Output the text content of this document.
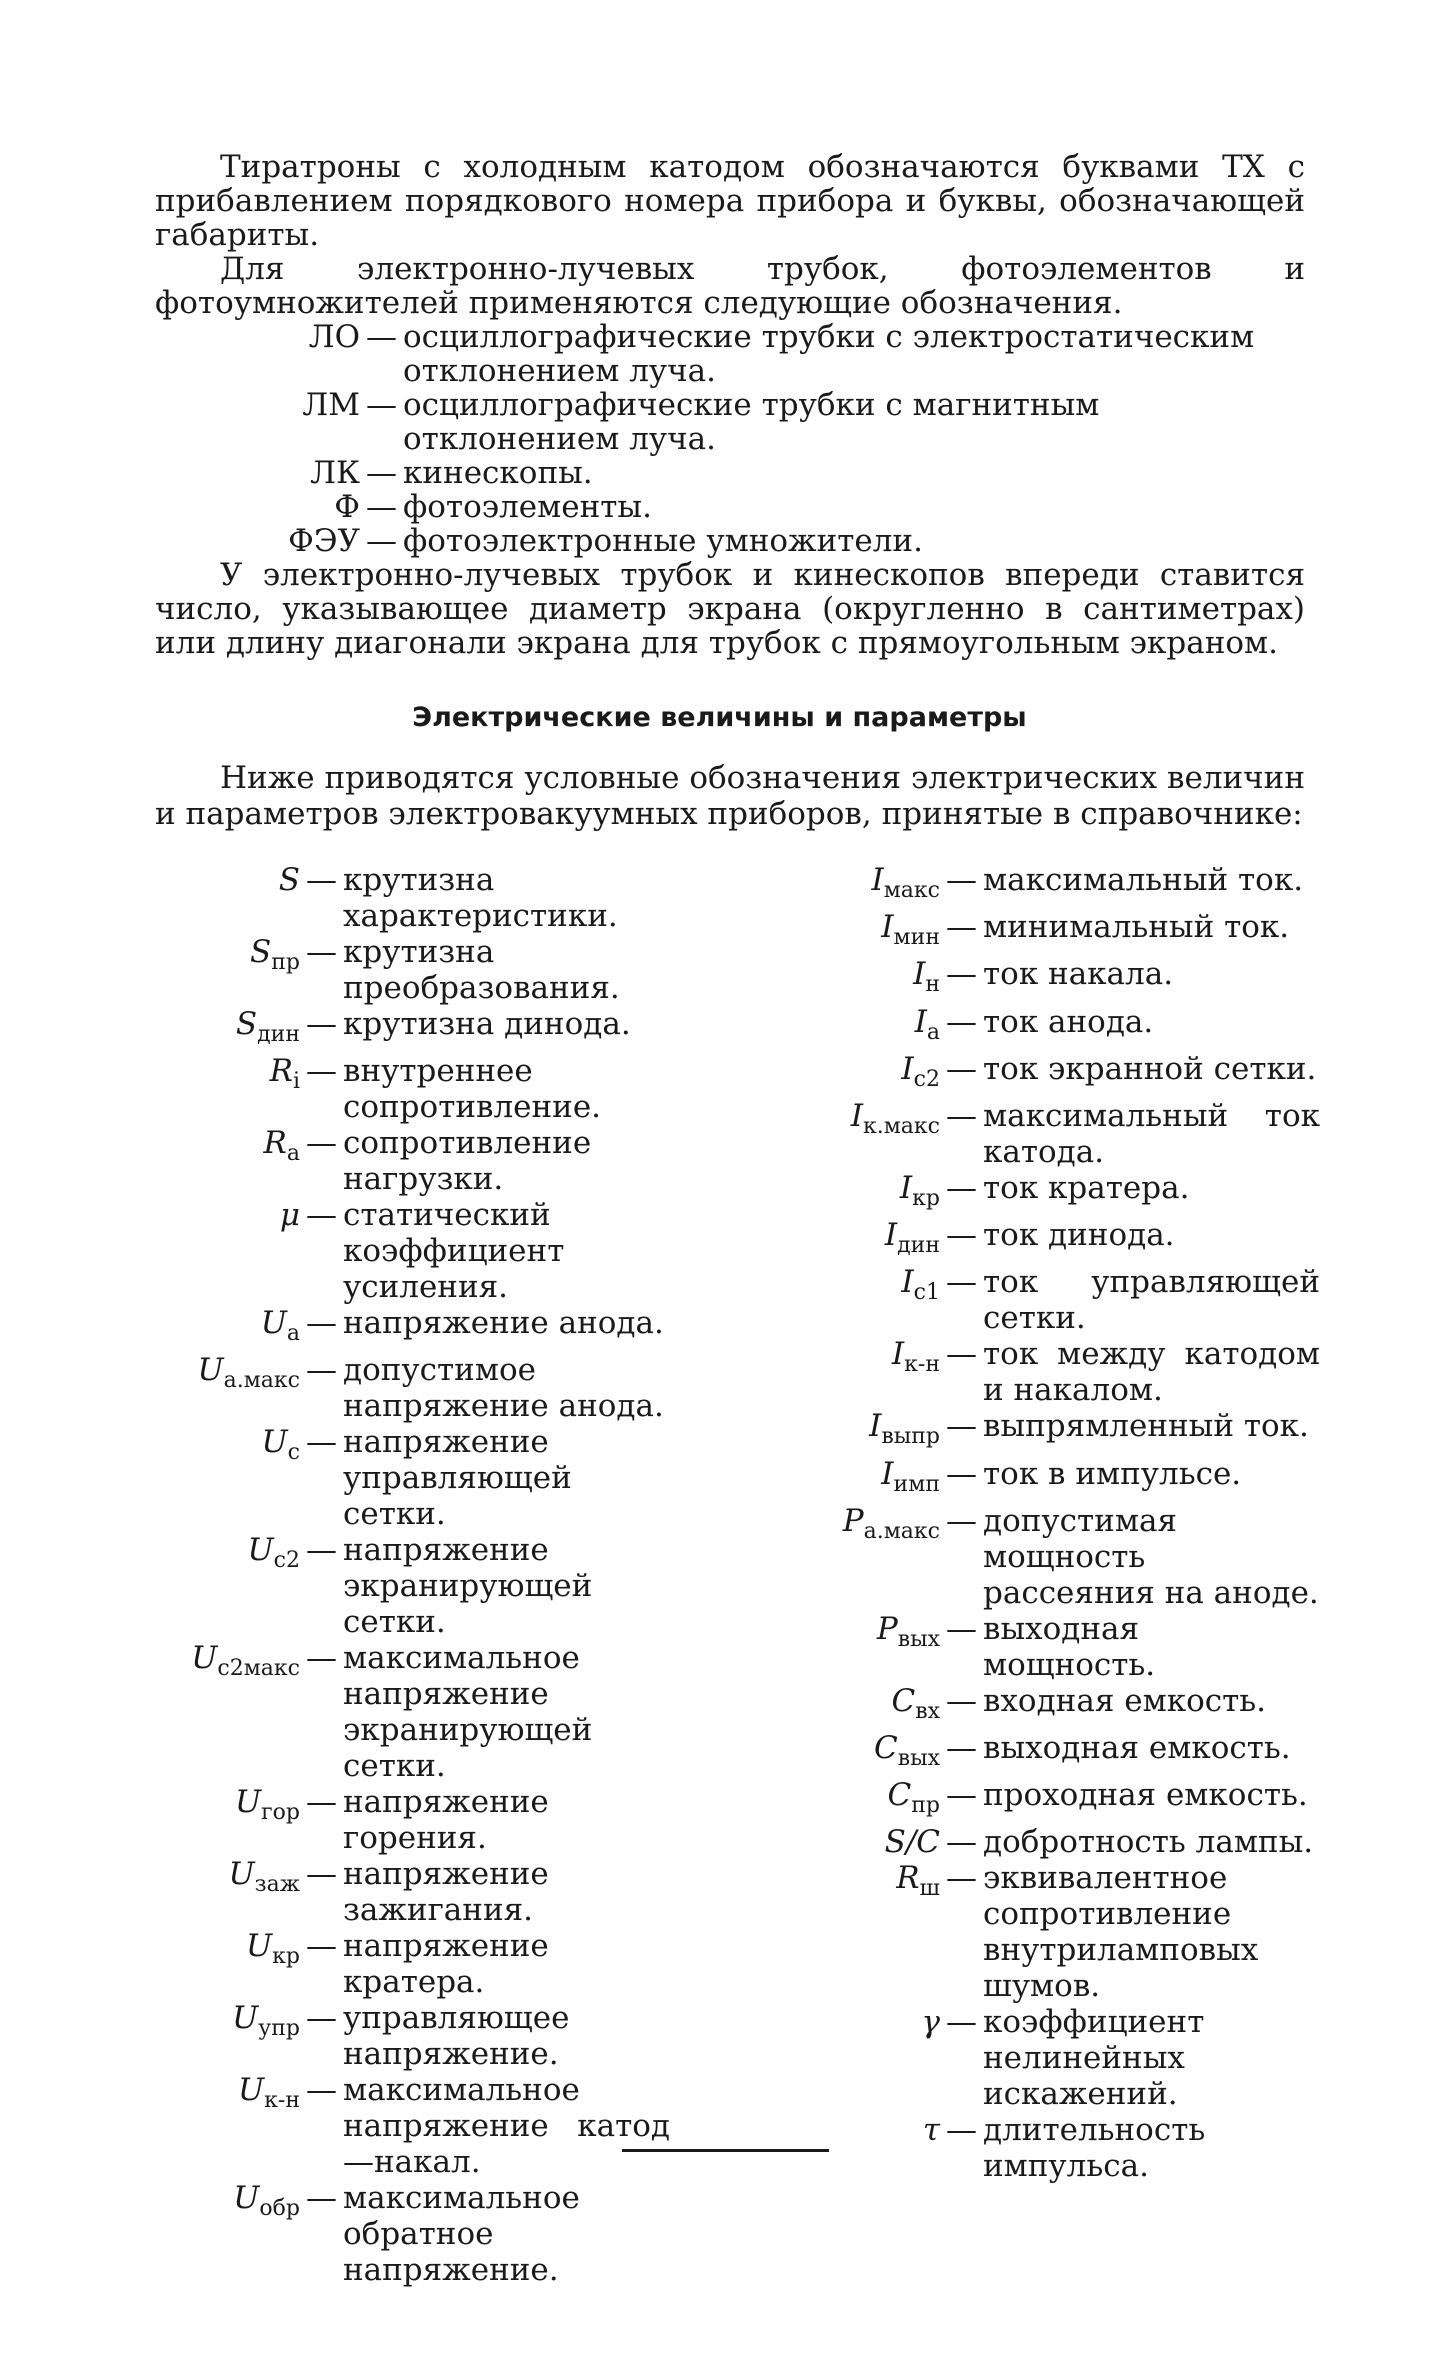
Тиратроны с холодным катодом обозначаются буквами ТХ с прибавлением порядкового номера прибора и буквы, обозначающей габариты.

Для электронно-лучевых трубок, фотоэлементов и фотоумножителей применяются следующие обозначения.

ЛО — осциллографические трубки с электростатическим отклонением луча.
ЛМ — осциллографические трубки с магнитным отклонением луча.
ЛК — кинескопы.
Ф — фотоэлементы.
ФЭУ — фотоэлектронные умножители.

У электронно-лучевых трубок и кинескопов впереди ставится число, указывающее диаметр экрана (округленно в сантиметрах) или длину диагонали экрана для трубок с прямоугольным экраном.

Электрические величины и параметры

Ниже приводятся условные обозначения электрических величин и параметров электровакуумных приборов, принятые в справочнике:

S — крутизна характеристики.
$S_{пр}$ — крутизна преобразования.
$S_{дин}$ — крутизна динода.
$R_i$ — внутреннее сопротивление.
$R_а$ — сопротивление нагрузки.
μ — статический коэффициент усиления.
$U_а$ — напряжение анода.
$U_{а.макс}$ — допустимое напряжение анода.
$U_с$ — напряжение управляющей сетки.
$U_{с2}$ — напряжение экранирующей сетки.
$U_{с2макс}$ — максимальное напряжение экранирующей сетки.
$U_{гор}$ — напряжение горения.
$U_{заж}$ — напряжение зажигания.
$U_{кр}$ — напряжение кратера.
$U_{упр}$ — управляющее напряжение.
$U_{к-н}$ — максимальное напряжение катод—накал.
$U_{обр}$ — максимальное обратное напряжение.
$I_{макс}$ — максимальный ток.
$I_{мин}$ — минимальный ток.
$I_н$ — ток накала.
$I_а$ — ток анода.
$I_{с2}$ — ток экранной сетки.
$I_{к.макс}$ — максимальный ток катода.
$I_{кр}$ — ток кратера.
$I_{дин}$ — ток динода.
$I_{с1}$ — ток управляющей сетки.
$I_{к-н}$ — ток между катодом и накалом.
$I_{выпр}$ — выпрямленный ток.
$I_{имп}$ — ток в импульсе.
$P_{а.макс}$ — допустимая мощность рассеяния на аноде.
$P_{вых}$ — выходная мощность.
$C_{вх}$ — входная емкость.
$C_{вых}$ — выходная емкость.
$C_{пр}$ — проходная емкость.
S/C — добротность лампы.
$R_ш$ — эквивалентное сопротивление внутриламповых шумов.
γ — коэффициент нелинейных искажений.
τ — длительность импульса.
